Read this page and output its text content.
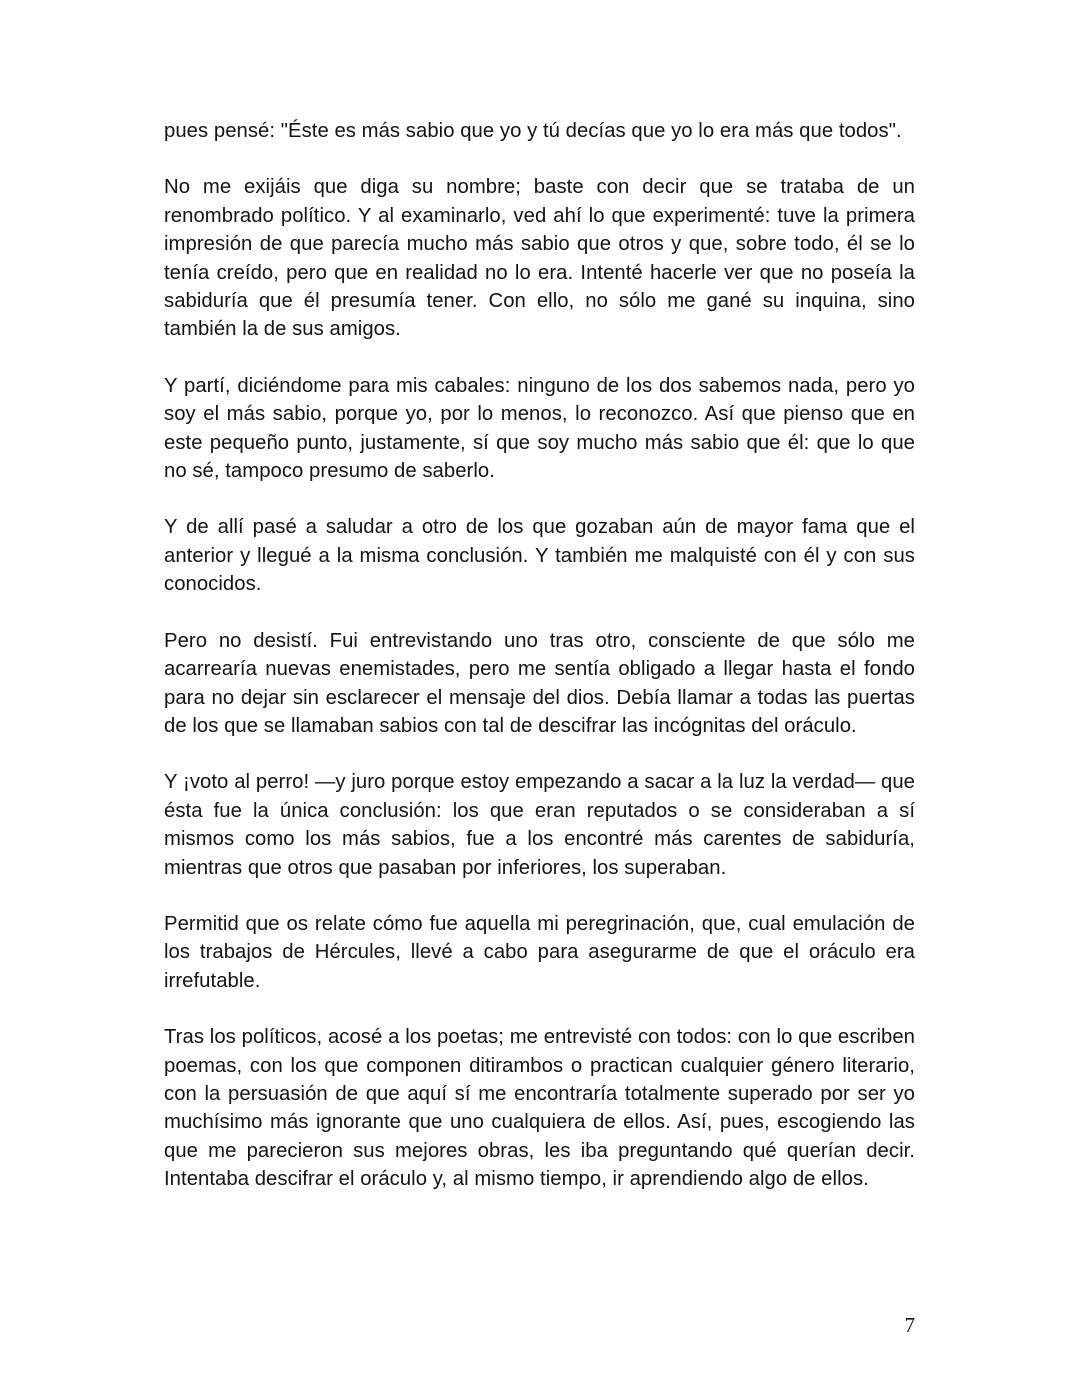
pues pensé: "Éste es más sabio que yo y tú decías que yo lo era más que todos".

No me exijáis que diga su nombre; baste con decir que se trataba de un renombrado político. Y al examinarlo, ved ahí lo que experimenté: tuve la primera impresión de que parecía mucho más sabio que otros y que, sobre todo, él se lo tenía creído, pero que en realidad no lo era. Intenté hacerle ver que no poseía la sabiduría que él presumía tener. Con ello, no sólo me gané su inquina, sino también la de sus amigos.

Y partí, diciéndome para mis cabales: ninguno de los dos sabemos nada, pero yo soy el más sabio, porque yo, por lo menos, lo reconozco. Así que pienso que en este pequeño punto, justamente, sí que soy mucho más sabio que él: que lo que no sé, tampoco presumo de saberlo.

Y de allí pasé a saludar a otro de los que gozaban aún de mayor fama que el anterior y llegué a la misma conclusión. Y también me malquisté con él y con sus conocidos.

Pero no desistí. Fui entrevistando uno tras otro, consciente de que sólo me acarrearía nuevas enemistades, pero me sentía obligado a llegar hasta el fondo para no dejar sin esclarecer el mensaje del dios. Debía llamar a todas las puertas de los que se llamaban sabios con tal de descifrar las incógnitas del oráculo.

Y ¡voto al perro! —y juro porque estoy empezando a sacar a la luz la verdad— que ésta fue la única conclusión: los que eran reputados o se consideraban a sí mismos como los más sabios, fue a los encontré más carentes de sabiduría, mientras que otros que pasaban por inferiores, los superaban.

Permitid que os relate cómo fue aquella mi peregrinación, que, cual emulación de los trabajos de Hércules, llevé a cabo para asegurarme de que el oráculo era irrefutable.

Tras los políticos, acosé a los poetas; me entrevisté con todos: con lo que escriben poemas, con los que componen ditirambos o practican cualquier género literario, con la persuasión de que aquí sí me encontraría totalmente superado por ser yo muchísimo más ignorante que uno cualquiera de ellos. Así, pues, escogiendo las que me parecieron sus mejores obras, les iba preguntando qué querían decir. Intentaba descifrar el oráculo y, al mismo tiempo, ir aprendiendo algo de ellos.

7
